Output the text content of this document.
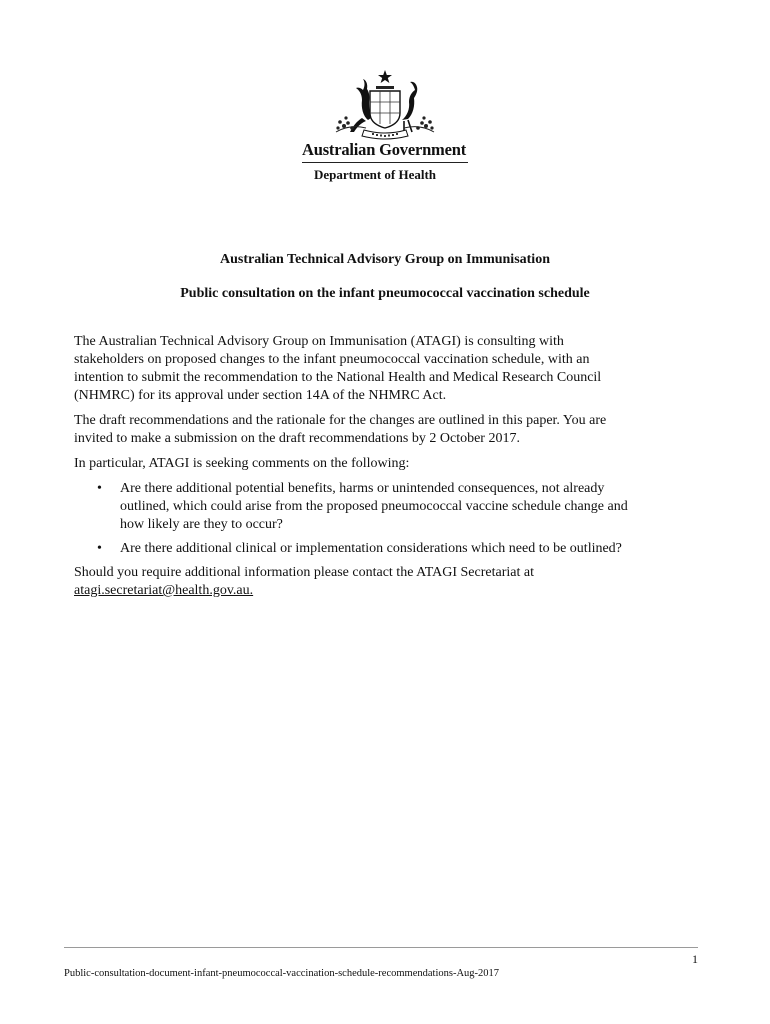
Australian Government
Department of Health
Australian Technical Advisory Group on Immunisation
Public consultation on the infant pneumococcal vaccination schedule

The Australian Technical Advisory Group on Immunisation (ATAGI) is consulting with
stakeholders on proposed changes to the infant pneumococcal vaccination schedule, with an
intention to submit the recommendation to the National Health and Medical Research Council
(NHMRC) for its approval under section 14A of the NHMRC Act.

The draft recommendations and the rationale for the changes are outlined in this paper. You are
invited to make a submission on the draft recommendations by 2 October 2017.

In particular, ATAGI is seeking comments on the following:

• Are there additional potential benefits, harms or unintended consequences, not already
outlined, which could arise from the proposed pneumococcal vaccine schedule change and
how likely are they to occur?
• Are there additional clinical or implementation considerations which need to be outlined?

Should you require additional information please contact the ATAGI Secretariat at
atagi.secretariat@health.gov.au.

1
Public-consultation-document-infant-pneumococcal-vaccination-schedule-recommendations-Aug-2017
